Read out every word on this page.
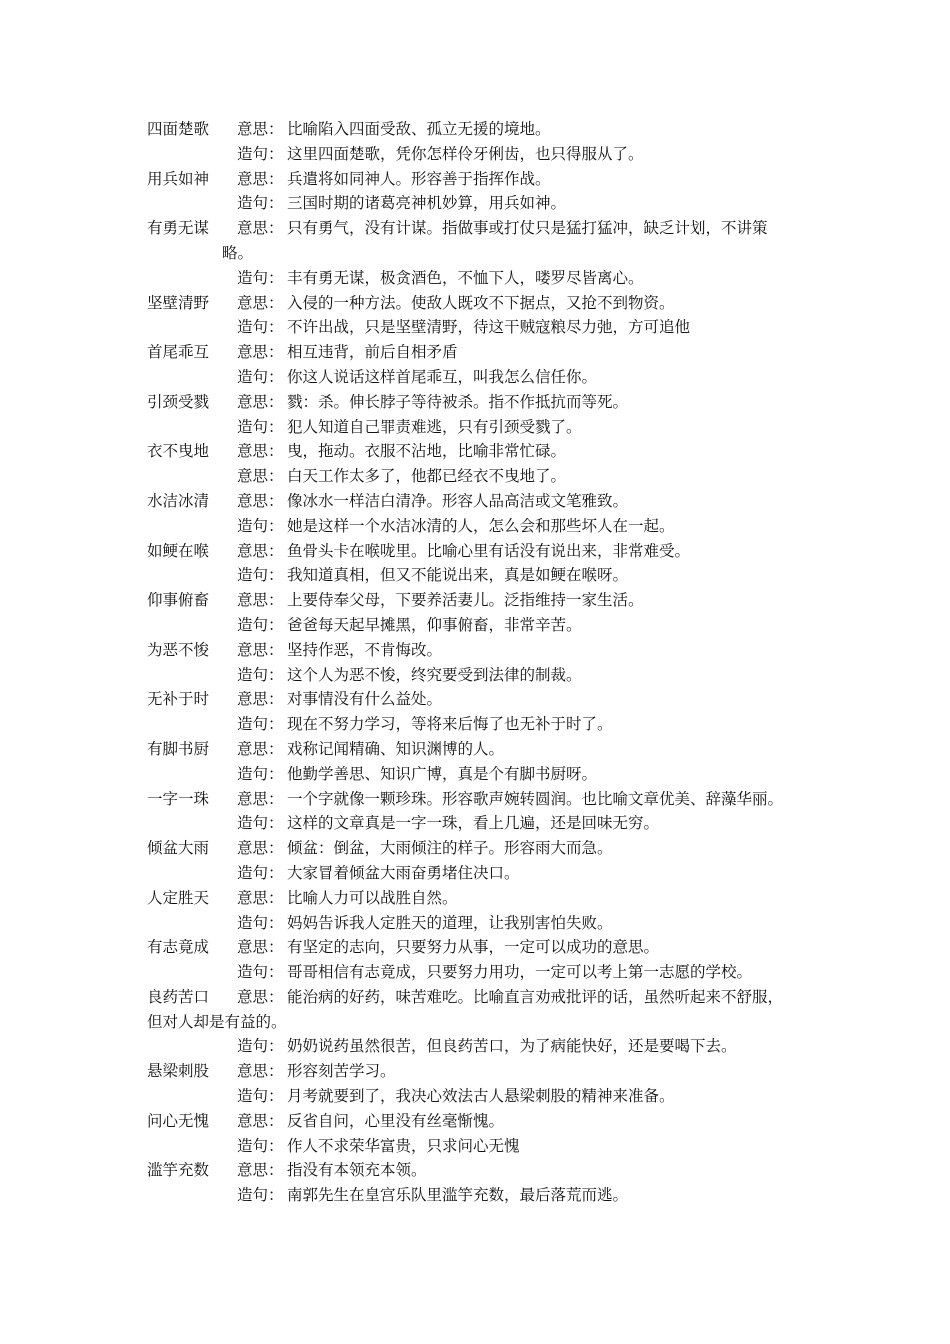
四面楚歌 意思： 比喻陷入四面受敌、孤立无援的境地。
造句： 这里四面楚歌，凭你怎样伶牙俐齿，也只得服从了。
用兵如神 意思： 兵遣将如同神人。形容善于指挥作战。
造句： 三国时期的诸葛亮神机妙算，用兵如神。
有勇无谋 意思： 只有勇气，没有计谋。指做事或打仗只是猛打猛冲，缺乏计划，不讲策
略。
造句： 丰有勇无谋，极贪酒色，不恤下人，喽罗尽皆离心。
坚壁清野 意思： 入侵的一种方法。使敌人既攻不下据点，又抢不到物资。
造句： 不许出战，只是坚壁清野，待这干贼寇粮尽力弛，方可追他
首尾乖互 意思： 相互违背，前后自相矛盾
造句： 你这人说话这样首尾乖互，叫我怎么信任你。
引颈受戮 意思： 戮：杀。伸长脖子等待被杀。指不作抵抗而等死。
造句： 犯人知道自己罪责难逃，只有引颈受戮了。
衣不曳地 意思： 曳，拖动。衣服不沾地，比喻非常忙碌。
意思： 白天工作太多了，他都已经衣不曳地了。
水洁冰清 意思： 像冰水一样洁白清净。形容人品高洁或文笔雅致。
造句： 她是这样一个水洁冰清的人，怎么会和那些坏人在一起。
如鲠在喉 意思： 鱼骨头卡在喉咙里。比喻心里有话没有说出来，非常难受。
造句： 我知道真相，但又不能说出来，真是如鲠在喉呀。
仰事俯畜 意思： 上要侍奉父母，下要养活妻儿。泛指维持一家生活。
造句： 爸爸每天起早摊黑，仰事俯畜，非常辛苦。
为恶不悛 意思： 坚持作恶，不肯悔改。
造句： 这个人为恶不悛，终究要受到法律的制裁。
无补于时 意思： 对事情没有什么益处。
造句： 现在不努力学习，等将来后悔了也无补于时了。
有脚书厨 意思： 戏称记闻精确、知识渊博的人。
造句： 他勤学善思、知识广博，真是个有脚书厨呀。
一字一珠 意思： 一个字就像一颗珍珠。形容歌声婉转圆润。也比喻文章优美、辞藻华丽。
造句： 这样的文章真是一字一珠，看上几遍，还是回味无穷。
倾盆大雨 意思： 倾盆：倒盆，大雨倾注的样子。形容雨大而急。
造句： 大家冒着倾盆大雨奋勇堵住决口。
人定胜天 意思： 比喻人力可以战胜自然。
造句： 妈妈告诉我人定胜天的道理，让我别害怕失败。
有志竟成 意思： 有坚定的志向，只要努力从事，一定可以成功的意思。
造句： 哥哥相信有志竟成，只要努力用功，一定可以考上第一志愿的学校。
良药苦口 意思： 能治病的好药，味苦难吃。比喻直言劝戒批评的话，虽然听起来不舒服，
但对人却是有益的。
造句： 奶奶说药虽然很苦，但良药苦口，为了病能快好，还是要喝下去。
悬梁刺股 意思： 形容刻苦学习。
造句： 月考就要到了，我决心效法古人悬梁刺股的精神来准备。
问心无愧 意思： 反省自问，心里没有丝毫惭愧。
造句： 作人不求荣华富贵，只求问心无愧
滥竽充数 意思： 指没有本领充本领。
造句： 南郭先生在皇宫乐队里滥竽充数，最后落荒而逃。
